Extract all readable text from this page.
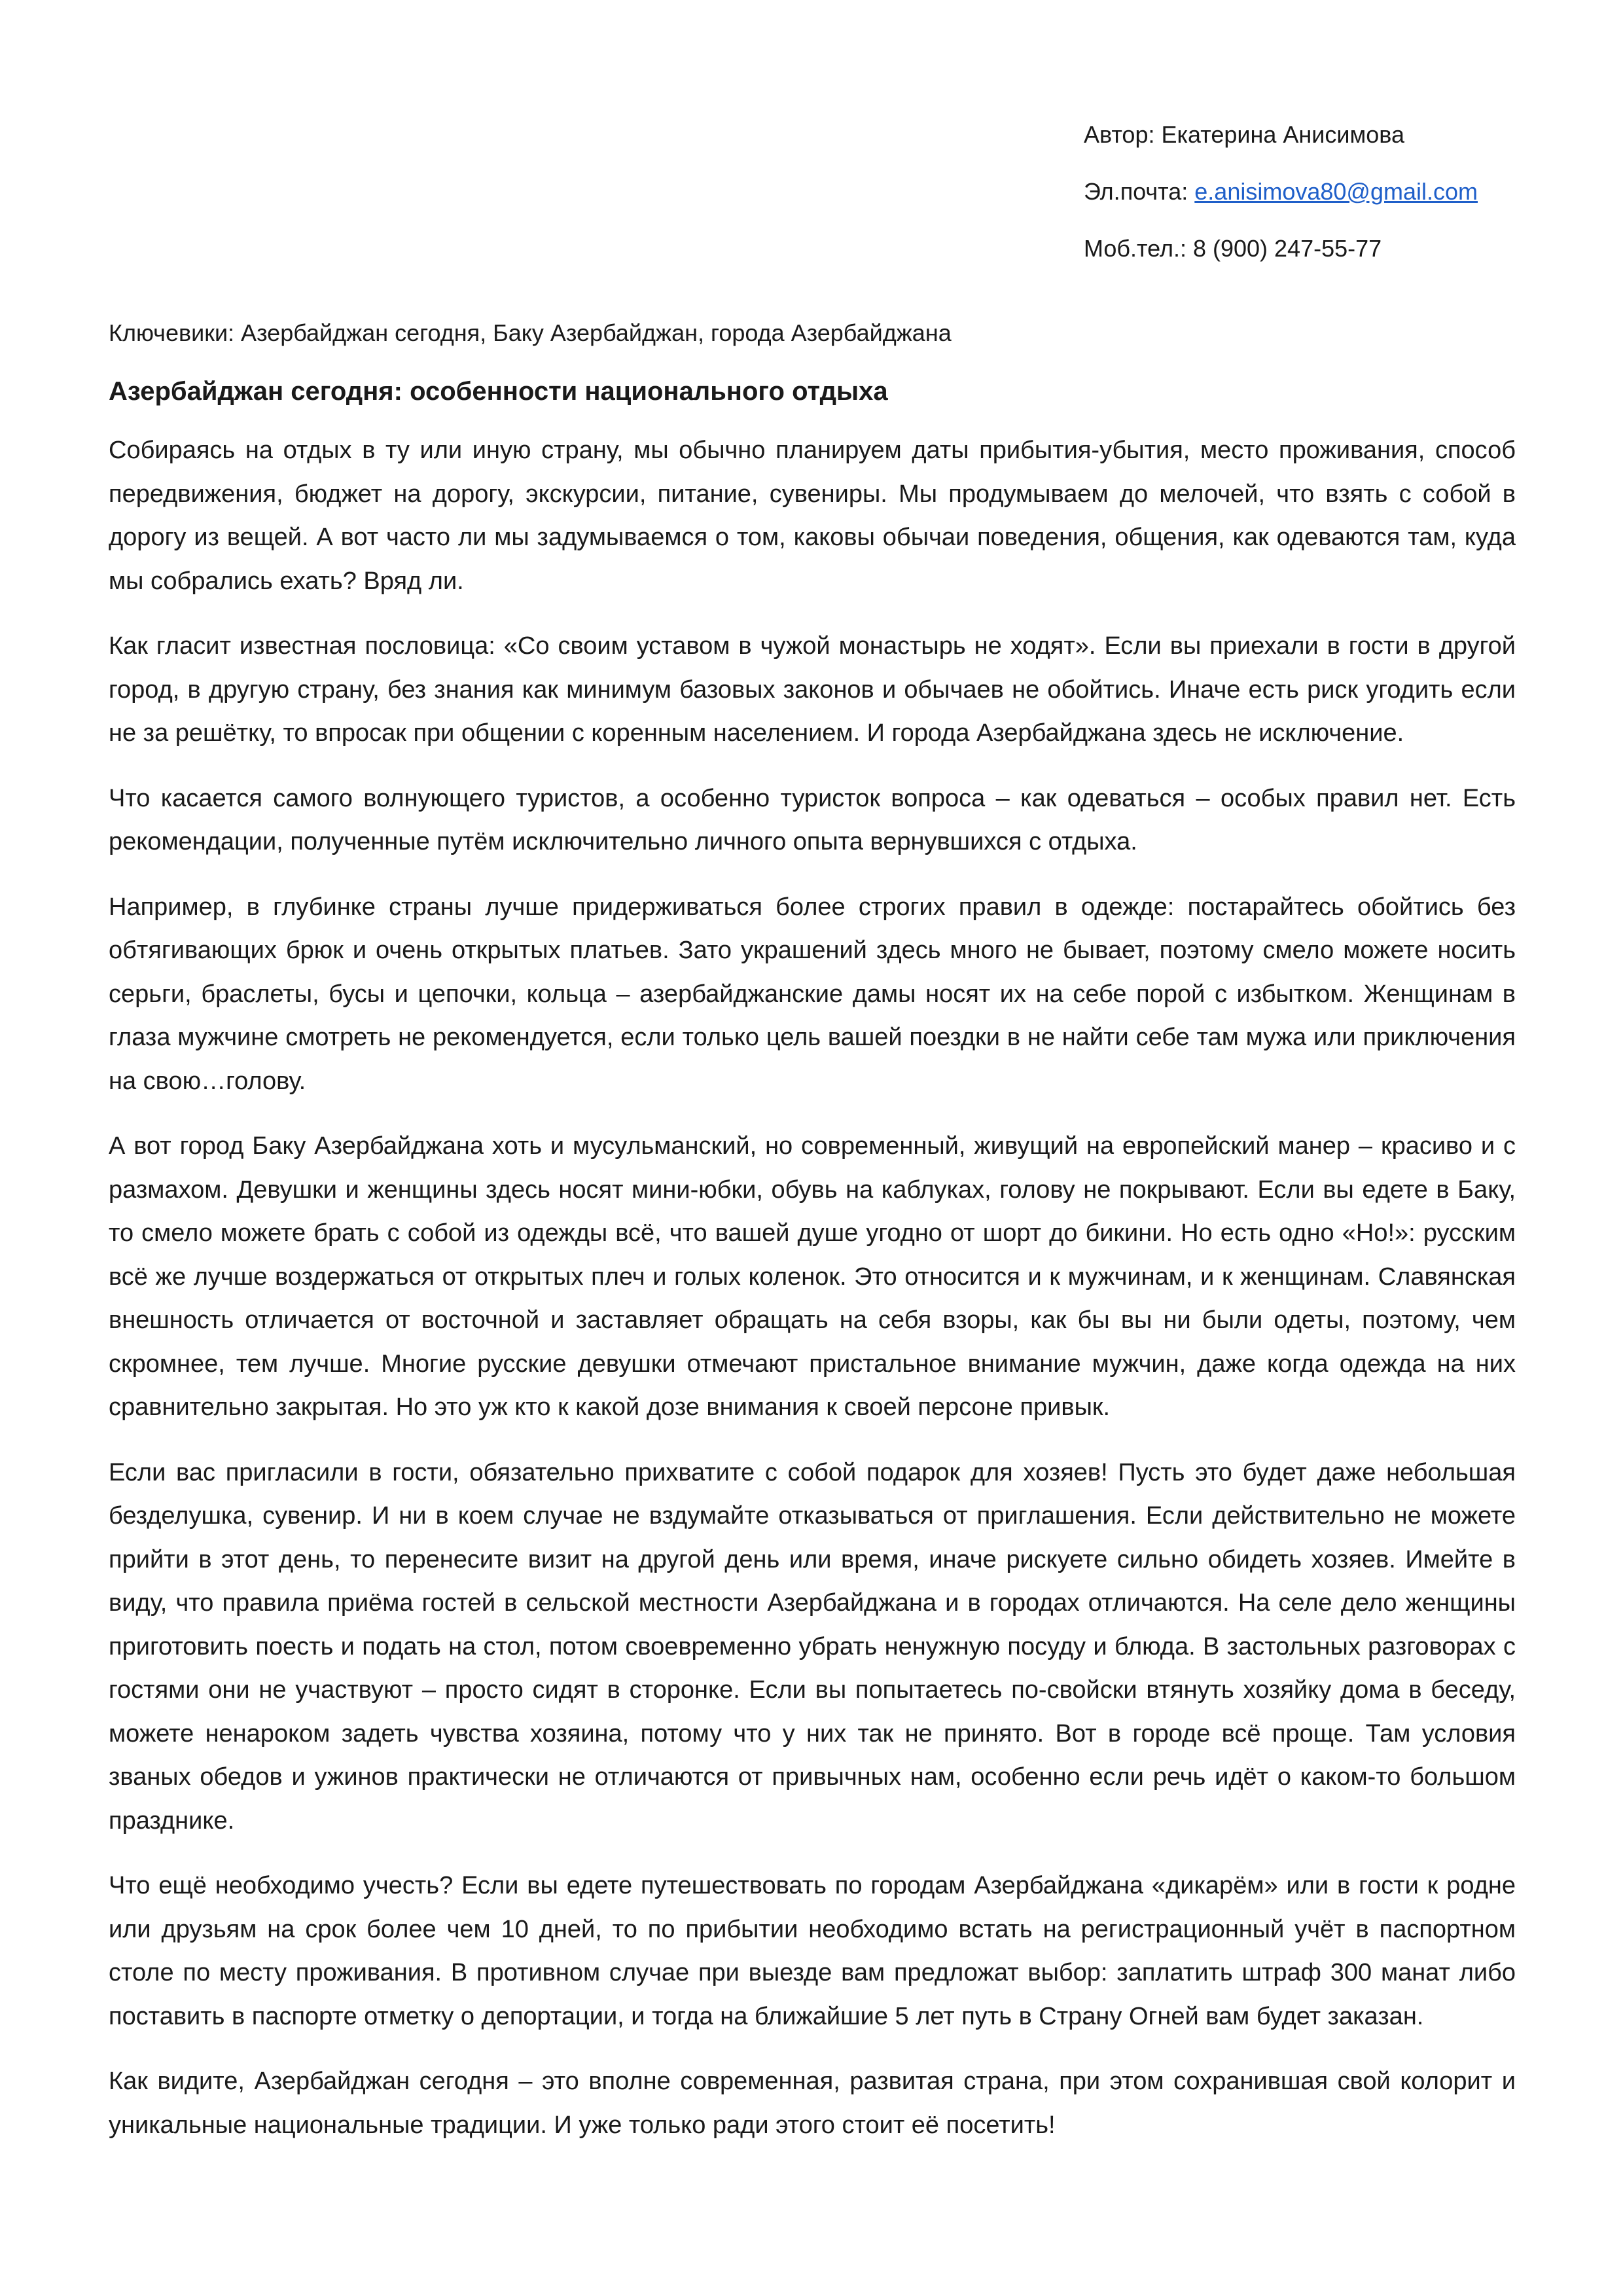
Автор: Екатерина Анисимова
Эл.почта: e.anisimova80@gmail.com
Моб.тел.: 8 (900) 247-55-77

Ключевики: Азербайджан сегодня, Баку Азербайджан, города Азербайджана

Азербайджан сегодня: особенности национального отдыха

Собираясь на отдых в ту или иную страну, мы обычно планируем даты прибытия-убытия, место проживания, способ передвижения, бюджет на дорогу, экскурсии, питание, сувениры. Мы продумываем до мелочей, что взять с собой в дорогу из вещей. А вот часто ли мы задумываемся о том, каковы обычаи поведения, общения, как одеваются там, куда мы собрались ехать? Вряд ли.

Как гласит известная пословица: «Со своим уставом в чужой монастырь не ходят». Если вы приехали в гости в другой город, в другую страну, без знания как минимум базовых законов и обычаев не обойтись. Иначе есть риск угодить если не за решётку, то впросак при общении с коренным населением. И города Азербайджана здесь не исключение.

Что касается самого волнующего туристов, а особенно туристок вопроса – как одеваться – особых правил нет. Есть рекомендации, полученные путём исключительно личного опыта вернувшихся с отдыха.

Например, в глубинке страны лучше придерживаться более строгих правил в одежде: постарайтесь обойтись без обтягивающих брюк и очень открытых платьев. Зато украшений здесь много не бывает, поэтому смело можете носить серьги, браслеты, бусы и цепочки, кольца – азербайджанские дамы носят их на себе порой с избытком. Женщинам в глаза мужчине смотреть не рекомендуется, если только цель вашей поездки в не найти себе там мужа или приключения на свою…голову.

А вот город Баку Азербайджана хоть и мусульманский, но современный, живущий на европейский манер – красиво и с размахом. Девушки и женщины здесь носят мини-юбки, обувь на каблуках, голову не покрывают. Если вы едете в Баку, то смело можете брать с собой из одежды всё, что вашей душе угодно от шорт до бикини. Но есть одно «Но!»: русским всё же лучше воздержаться от открытых плеч и голых коленок. Это относится и к мужчинам, и к женщинам. Славянская внешность отличается от восточной и заставляет обращать на себя взоры, как бы вы ни были одеты, поэтому, чем скромнее, тем лучше. Многие русские девушки отмечают пристальное внимание мужчин, даже когда одежда на них сравнительно закрытая. Но это уж кто к какой дозе внимания к своей персоне привык.

Если вас пригласили в гости, обязательно прихватите с собой подарок для хозяев! Пусть это будет даже небольшая безделушка, сувенир. И ни в коем случае не вздумайте отказываться от приглашения. Если действительно не можете прийти в этот день, то перенесите визит на другой день или время, иначе рискуете сильно обидеть хозяев. Имейте в виду, что правила приёма гостей в сельской местности Азербайджана и в городах отличаются. На селе дело женщины приготовить поесть и подать на стол, потом своевременно убрать ненужную посуду и блюда. В застольных разговорах с гостями они не участвуют – просто сидят в сторонке. Если вы попытаетесь по-свойски втянуть хозяйку дома в беседу, можете ненароком задеть чувства хозяина, потому что у них так не принято. Вот в городе всё проще. Там условия званых обедов и ужинов практически не отличаются от привычных нам, особенно если речь идёт о каком-то большом празднике.

Что ещё необходимо учесть? Если вы едете путешествовать по городам Азербайджана «дикарём» или в гости к родне или друзьям на срок более чем 10 дней, то по прибытии необходимо встать на регистрационный учёт в паспортном столе по месту проживания. В противном случае при выезде вам предложат выбор: заплатить штраф 300 манат либо поставить в паспорте отметку о депортации, и тогда на ближайшие 5 лет путь в Страну Огней вам будет заказан.

Как видите, Азербайджан сегодня – это вполне современная, развитая страна, при этом сохранившая свой колорит и уникальные национальные традиции. И уже только ради этого стоит её посетить!
